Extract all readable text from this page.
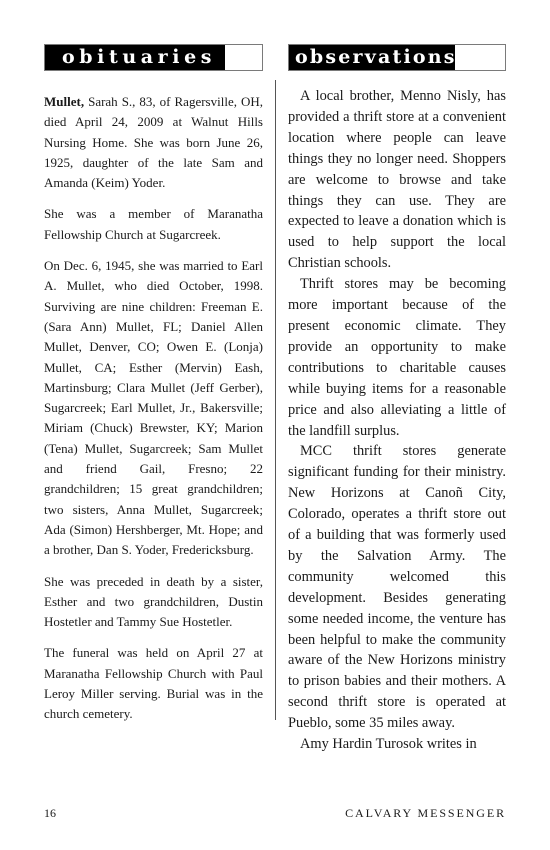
obituaries	observations

Mullet, Sarah S., 83, of Ragersville, OH, died April 24, 2009 at Walnut Hills Nursing Home. She was born June 26, 1925, daughter of the late Sam and Amanda (Keim) Yoder.

She was a member of Maranatha Fellowship Church at Sugarcreek.

On Dec. 6, 1945, she was married to Earl A. Mullet, who died October, 1998. Surviving are nine children: Freeman E. (Sara Ann) Mullet, FL; Daniel Allen Mullet, Denver, CO; Owen E. (Lonja) Mullet, CA; Esther (Mervin) Eash, Martinsburg; Clara Mullet (Jeff Gerber), Sugarcreek; Earl Mullet, Jr., Bakersville; Miriam (Chuck) Brewster, KY; Marion (Tena) Mullet, Sugarcreek; Sam Mullet and friend Gail, Fresno; 22 grandchildren; 15 great grandchildren; two sisters, Anna Mullet, Sugarcreek; Ada (Simon) Hershberger, Mt. Hope; and a brother, Dan S. Yoder, Fredericksburg.

She was preceded in death by a sister, Esther and two grandchildren, Dustin Hostetler and Tammy Sue Hostetler.

The funeral was held on April 27 at Maranatha Fellowship Church with Paul Leroy Miller serving. Burial was in the church cemetery.

A local brother, Menno Nisly, has provided a thrift store at a convenient location where people can leave things they no longer need. Shoppers are welcome to browse and take things they can use. They are expected to leave a donation which is used to help support the local Christian schools.

Thrift stores may be becoming more important because of the present economic climate. They provide an opportunity to make contributions to charitable causes while buying items for a reasonable price and also alleviating a little of the landfill surplus.

MCC thrift stores generate significant funding for their ministry. New Horizons at Canoñ City, Colorado, operates a thrift store out of a building that was formerly used by the Salvation Army. The community welcomed this development. Besides generating some needed income, the venture has been helpful to make the community aware of the New Horizons ministry to prison babies and their mothers. A second thrift store is operated at Pueblo, some 35 miles away.

Amy Hardin Turosok writes in

16	CALVARY MESSENGER
